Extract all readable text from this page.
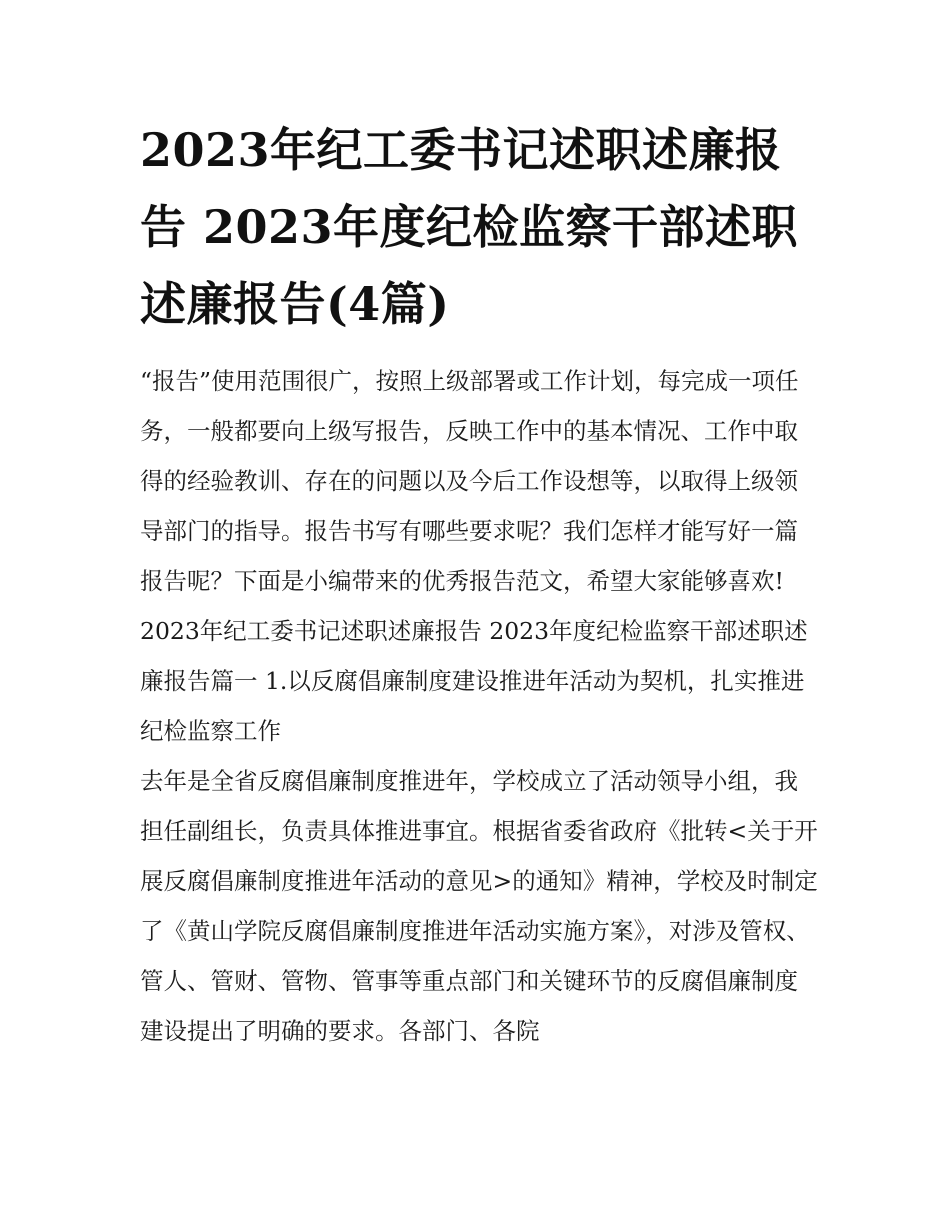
2023年纪工委书记述职述廉报告 2023年度纪检监察干部述职述廉报告(4篇)

“报告”使用范围很广，按照上级部署或工作计划，每完成一项任务，一般都要向上级写报告，反映工作中的基本情况、工作中取得的经验教训、存在的问题以及今后工作设想等，以取得上级领导部门的指导。报告书写有哪些要求呢？我们怎样才能写好一篇报告呢？下面是小编带来的优秀报告范文，希望大家能够喜欢!

2023年纪工委书记述职述廉报告 2023年度纪检监察干部述职述廉报告篇一 1.以反腐倡廉制度建设推进年活动为契机，扎实推进纪检监察工作

去年是全省反腐倡廉制度推进年，学校成立了活动领导小组，我担任副组长，负责具体推进事宜。根据省委省政府《批转<关于开展反腐倡廉制度推进年活动的意见>的通知》精神，学校及时制定了《黄山学院反腐倡廉制度推进年活动实施方案》，对涉及管权、管人、管财、管物、管事等重点部门和关键环节的反腐倡廉制度建设提出了明确的要求。各部门、各院
